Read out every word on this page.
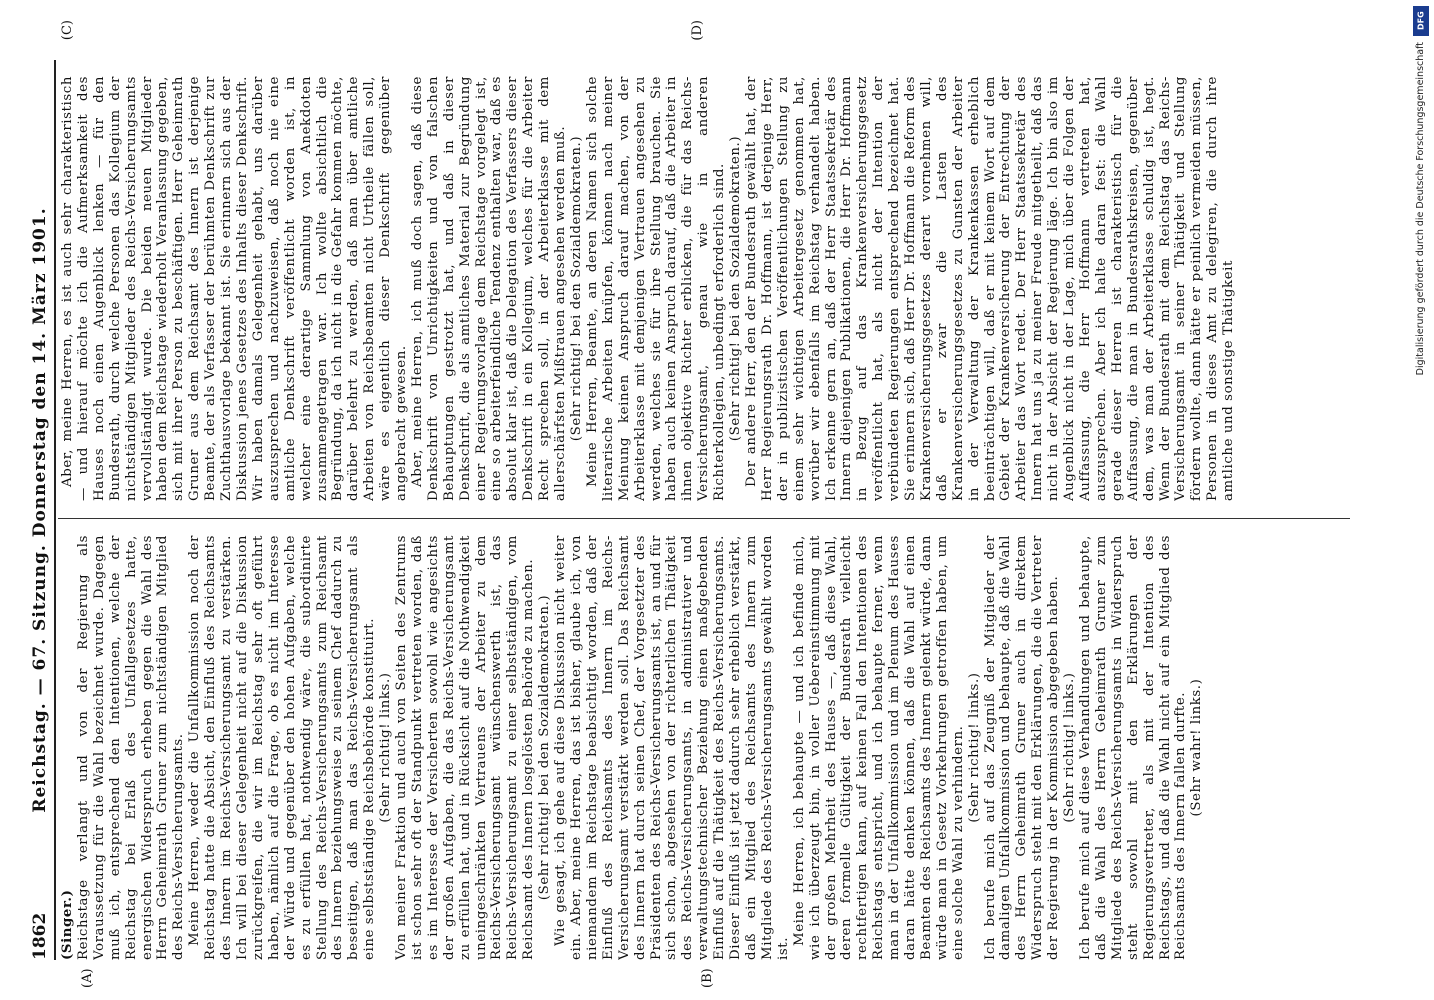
1862
Reichstag. — 67. Sitzung. Donnerstag den 14. März 1901.
(A)	(B)
(C)	(D)

(Singer.) Reichstage verlangt und von der Regierung als Voraussetzung für die Wahl bezeichnet wurde. Dagegen muß ich, entsprechend den Intentionen, welche der Reichstag bei Erlaß des Unfallgesetzes hatte, energischen Widerspruch erheben gegen die Wahl des Herrn Geheimrath Gruner zum nichtständigen Mitglied des Reichs-Versicherungsamts. Meine Herren, weder die Unfallkommission noch der Reichstag hatte die Absicht, den Einfluß des Reichsamts des Innern im Reichs-Versicherungsamt zu verstärken. Ich will bei dieser Gelegenheit nicht auf die Diskussion zurückgreifen, die wir im Reichstag sehr oft geführt haben, nämlich auf die Frage, ob es nicht im Interesse der Würde und gegenüber den hohen Aufgaben, welche es zu erfüllen hat, nothwendig wäre, die subordinirte Stellung des Reichs-Versicherungsamts zum Reichsamt des Innern beziehungsweise zu seinem Chef dadurch zu beseitigen, daß man das Reichs-Versicherungsamt als eine selbstständige Reichsbehörde konstituirt. (Sehr richtig! links.) Von meiner Fraktion und auch von Seiten des Zentrums ist schon sehr oft der Standpunkt vertreten worden, daß es im Interesse der Versicherten sowohl wie angesichts der großen Aufgaben, die das Reichs-Versicherungsamt zu erfüllen hat, und in Rücksicht auf die Nothwendigkeit uneingeschränkten Vertrauens der Arbeiter zu dem Reichs-Versicherungsamt wünschenswerth ist, das Reichs-Versicherungsamt zu einer selbstständigen, vom Reichsamt des Innern losgelösten Behörde zu machen. (Sehr richtig! bei den Sozialdemokraten.) Wie gesagt, ich gehe auf diese Diskussion nicht weiter ein. Aber, meine Herren, das ist bisher, glaube ich, von niemandem im Reichstage beabsichtigt worden, daß der Einfluß des Reichsamts des Innern im Reichs-Versicherungsamt verstärkt werden soll. Das Reichsamt des Innern hat durch seinen Chef, der Vorgesetzter des Präsidenten des Reichs-Versicherungsamts ist, an und für sich schon, abgesehen von der richterlichen Thätigkeit des Reichs-Versicherungsamts, in administrativer und verwaltungstechnischer Beziehung einen maßgebenden Einfluß auf die Thätigkeit des Reichs-Versicherungsamts. Dieser Einfluß ist jetzt dadurch sehr erheblich verstärkt, daß ein Mitglied des Reichsamts des Innern zum Mitgliede des Reichs-Versicherungsamts gewählt worden ist.

Meine Herren, ich behaupte — und ich befinde mich, wie ich überzeugt bin, in voller Uebereinstimmung mit der großen Mehrheit des Hauses —, daß diese Wahl, deren formelle Gültigkeit der Bundesrath vielleicht rechtfertigen kann, auf keinen Fall den Intentionen des Reichstags entspricht, und ich behaupte ferner, wenn man in der Unfallkommission und im Plenum des Hauses daran hätte denken können, daß die Wahl auf einen Beamten des Reichsamts des Innern gelenkt würde, dann würde man in Gesetz Vorkehrungen getroffen haben, um eine solche Wahl zu verhindern. (Sehr richtig! links.) Ich berufe mich auf das Zeugniß der Mitglieder der damaligen Unfallkommission und behaupte, daß die Wahl des Herrn Geheimrath Gruner auch in direktem Widerspruch steht mit den Erklärungen, die die Vertreter der Regierung in der Kommission abgegeben haben. (Sehr richtig! links.) Ich berufe mich auf diese Verhandlungen und behaupte, daß die Wahl des Herrn Geheimrath Gruner zum Mitgliede des Reichs-Versicherungsamts in Widerspruch steht sowohl mit den Erklärungen der Regierungsvertreter, als mit der Intention des Reichstags, und daß die Wahl nicht auf ein Mitglied des Reichsamts des Innern fallen durfte. (Sehr wahr! links.)

Aber, meine Herren, es ist auch sehr charakteristisch — und hierauf möchte ich die Aufmerksamkeit des Hauses noch einen Augenblick lenken — für den Bundesrath, durch welche Personen das Kollegium der nichtständigen Mitglieder des Reichs-Versicherungsamts vervollständigt wurde. Die beiden neuen Mitglieder haben dem Reichstage wiederholt Veranlassung gegeben, sich mit ihrer Person zu beschäftigen. Herr Geheimrath Gruner aus dem Reichsamt des Innern ist derjenige Beamte, der als Verfasser der berühmten Denkschrift zur Zuchthausvorlage bekannt ist. Sie erinnern sich aus der Diskussion jenes Gesetzes des Inhalts dieser Denkschrift. Wir haben damals Gelegenheit gehabt, uns darüber auszusprechen und nachzuweisen, daß noch nie eine amtliche Denkschrift veröffentlicht worden ist, in welcher eine derartige Sammlung von Anekdoten zusammengetragen war. Ich wollte absichtlich die Begründung, da ich nicht in die Gefahr kommen möchte, darüber belehrt zu werden, daß man über amtliche Arbeiten von Reichsbeamten nicht Urtheile fällen soll, wäre es eigentlich dieser Denkschrift gegenüber angebracht gewesen. Aber, meine Herren, ich muß doch sagen, daß diese Denkschrift von Unrichtigkeiten und von falschen Behauptungen gestrotzt hat, und daß in dieser Denkschrift, die als amtliches Material zur Begründung einer Regierungsvorlage dem Reichstage vorgelegt ist, eine so arbeiterfeindliche Tendenz enthalten war, daß es absolut klar ist, daß die Delegation des Verfassers dieser Denkschrift in ein Kollegium, welches für die Arbeiter Recht sprechen soll, in der Arbeiterklasse mit dem allerschärfsten Mißtrauen angesehen werden muß. (Sehr richtig! bei den Sozialdemokraten.) Meine Herren, Beamte, an deren Namen sich solche literarische Arbeiten knüpfen, können nach meiner Meinung keinen Anspruch darauf machen, von der Arbeiterklasse mit demjenigen Vertrauen angesehen zu werden, welches sie für ihre Stellung brauchen. Sie haben auch keinen Anspruch darauf, daß die Arbeiter in ihnen objektive Richter erblicken, die für das Reichs-Versicherungsamt, genau wie in anderen Richterkollegien, unbedingt erforderlich sind. (Sehr richtig! bei den Sozialdemokraten.) Der andere Herr, den der Bundesrath gewählt hat, der Herr Regierungsrath Dr. Hoffmann, ist derjenige Herr, der in publizistischen Veröffentlichungen Stellung zu einem sehr wichtigen Arbeitergesetz genommen hat, worüber wir ebenfalls im Reichstag verhandelt haben. Ich erkenne gern an, daß der Herr Staatssekretär des Innern diejenigen Publikationen, die Herr Dr. Hoffmann in Bezug auf das Krankenversicherungsgesetz veröffentlicht hat, als nicht der Intention der verbündeten Regierungen entsprechend bezeichnet hat. Sie erinnern sich, daß Herr Dr. Hoffmann die Reform des Krankenversicherungsgesetzes derart vornehmen will, daß er zwar die Lasten des Krankenversicherungsgesetzes zu Gunsten der Arbeiter in der Verwaltung der Krankenkassen erheblich beeinträchtigen will, daß er mit keinem Wort auf dem Gebiet der Krankenversicherung der Entrechtung der Arbeiter das Wort redet. Der Herr Staatssekretär des Innern hat uns ja zu meiner Freude mitgetheilt, daß das nicht in der Absicht der Regierung läge. Ich bin also im Augenblick nicht in der Lage, mich über die Folgen der Auffassung, die Herr Hoffmann vertreten hat, auszusprechen. Aber ich halte daran fest: die Wahl gerade dieser Herren ist charakteristisch für die Auffassung, die man in Bundesrathskreisen, gegenüber dem, was man der Arbeiterklasse schuldig ist, hegt. Wenn der Bundesrath mit dem Reichstag das Reichs-Versicherungsamt in seiner Thätigkeit und Stellung fördern wollte, dann hätte er peinlich vermeiden müssen, Personen in dieses Amt zu delegiren, die durch ihre amtliche und sonstige Thätigkeit

DFG
Digitalisierung gefördert durch die Deutsche Forschungsgemeinschaft
